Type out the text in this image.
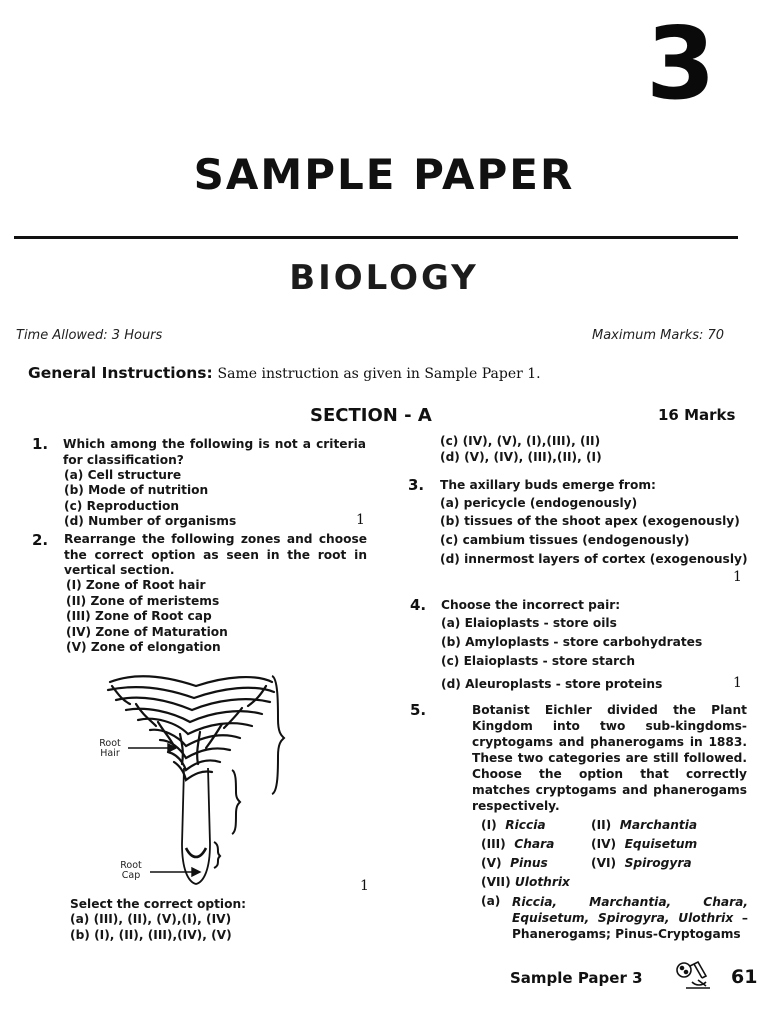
3
SAMPLE PAPER
BIOLOGY
Time Allowed: 3 Hours	Maximum Marks: 70
General Instructions: Same instruction as given in Sample Paper 1.
SECTION - A	16 Marks
1. Which among the following is not a criteria for classification?
(a) Cell structure
(b) Mode of nutrition
(c) Reproduction
(d) Number of organisms	1
2. Rearrange the following zones and choose the correct option as seen in the root in vertical section.
(I) Zone of Root hair
(II) Zone of meristems
(III) Zone of Root cap
(IV) Zone of Maturation
(V) Zone of elongation
Root Hair
Root Cap
1
Select the correct option:
(a) (III), (II), (V),(I), (IV)
(b) (I), (II), (III),(IV), (V)
(c) (IV), (V), (I),(III), (II)
(d) (V), (IV), (III),(II), (I)
3. The axillary buds emerge from:
(a) pericycle (endogenously)
(b) tissues of the shoot apex (exogenously)
(c) cambium tissues (endogenously)
(d) innermost layers of cortex (exogenously)
1
4. Choose the incorrect pair:
(a) Elaioplasts - store oils
(b) Amyloplasts - store carbohydrates
(c) Elaioplasts - store starch
(d) Aleuroplasts - store proteins	1
5.	Botanist Eichler divided the Plant Kingdom into two sub-kingdoms- cryptogams and phanerogams in 1883. These two categories are still followed. Choose the option that correctly matches cryptogams and phanerogams respectively.
(I) Riccia	(II) Marchantia
(III) Chara	(IV) Equisetum
(V) Pinus	(VI) Spirogyra
(VII) Ulothrix
(a) Riccia, Marchantia, Chara, Equisetum, Spirogyra, Ulothrix – Phanerogams; Pinus-Cryptogams
Sample Paper 3	61
